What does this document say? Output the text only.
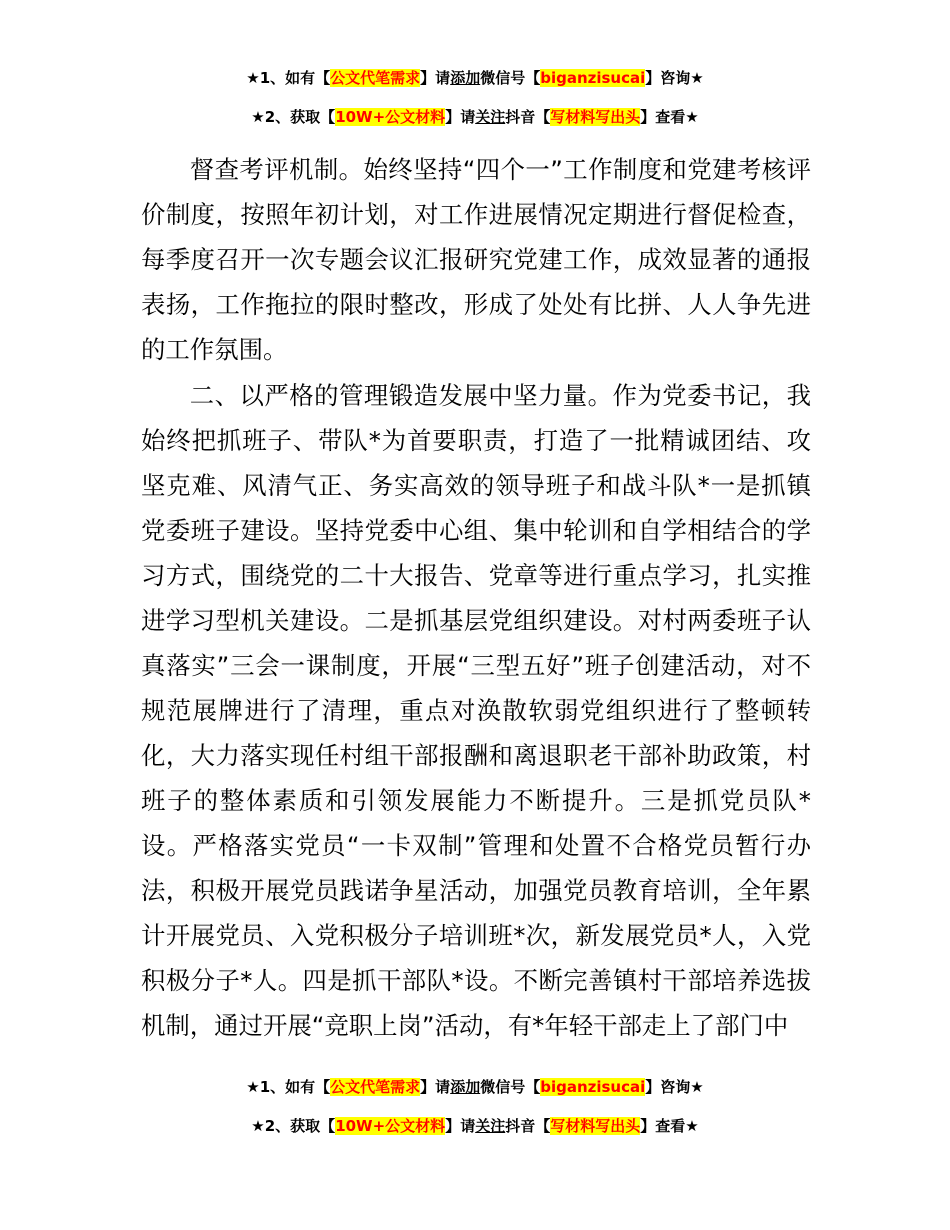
★1、如有【公文代笔需求】请添加微信号【biganzisucai】咨询★
★2、获取【10W+公文材料】请关注抖音【写材料写出头】查看★

督查考评机制。始终坚持“四个一”工作制度和党建考核评价制度，按照年初计划，对工作进展情况定期进行督促检查，每季度召开一次专题会议汇报研究党建工作，成效显著的通报表扬，工作拖拉的限时整改，形成了处处有比拼、人人争先进的工作氛围。

二、以严格的管理锻造发展中坚力量。作为党委书记，我始终把抓班子、带队*为首要职责，打造了一批精诚团结、攻坚克难、风清气正、务实高效的领导班子和战斗队*一是抓镇党委班子建设。坚持党委中心组、集中轮训和自学相结合的学习方式，围绕党的二十大报告、党章等进行重点学习，扎实推进学习型机关建设。二是抓基层党组织建设。对村两委班子认真落实”三会一课制度，开展“三型五好”班子创建活动，对不规范展牌进行了清理，重点对涣散软弱党组织进行了整顿转化，大力落实现任村组干部报酬和离退职老干部补助政策，村班子的整体素质和引领发展能力不断提升。三是抓党员队*设。严格落实党员“一卡双制”管理和处置不合格党员暂行办法，积极开展党员践诺争星活动，加强党员教育培训，全年累计开展党员、入党积极分子培训班*次，新发展党员*人，入党积极分子*人。四是抓干部队*设。不断完善镇村干部培养选拔机制，通过开展“竞职上岗”活动，有*年轻干部走上了部门中

★1、如有【公文代笔需求】请添加微信号【biganzisucai】咨询★
★2、获取【10W+公文材料】请关注抖音【写材料写出头】查看★
